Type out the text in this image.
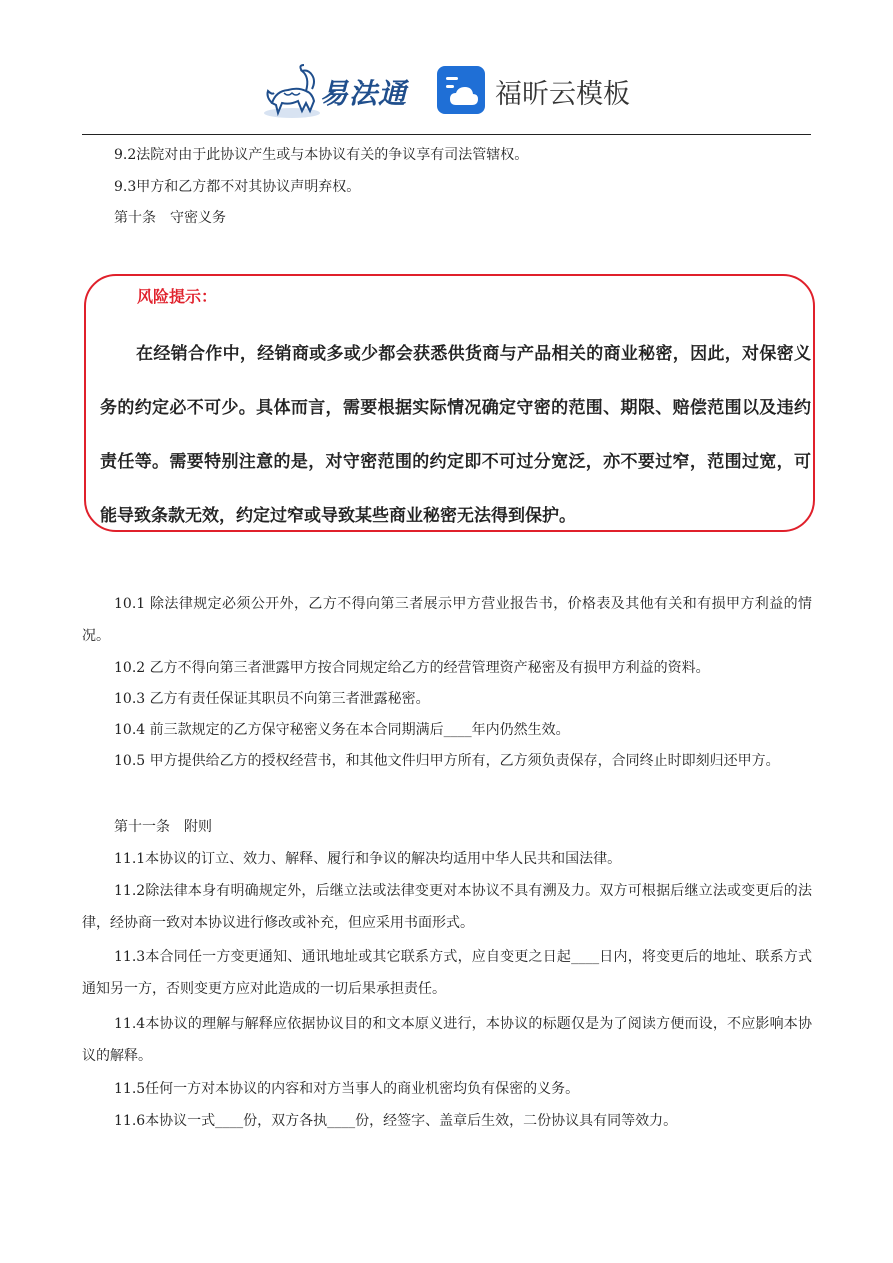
易法通	福昕云模板

9.2法院对由于此协议产生或与本协议有关的争议享有司法管辖权。

9.3甲方和乙方都不对其协议声明弃权。

第十条　守密义务

风险提示：

在经销合作中，经销商或多或少都会获悉供货商与产品相关的商业秘密，因此，对保密义务的约定必不可少。具体而言，需要根据实际情况确定守密的范围、期限、赔偿范围以及违约责任等。需要特别注意的是，对守密范围的约定即不可过分宽泛，亦不要过窄，范围过宽，可能导致条款无效，约定过窄或导致某些商业秘密无法得到保护。

10.1 除法律规定必须公开外，乙方不得向第三者展示甲方营业报告书，价格表及其他有关和有损甲方利益的情况。

10.2 乙方不得向第三者泄露甲方按合同规定给乙方的经营管理资产秘密及有损甲方利益的资料。

10.3 乙方有责任保证其职员不向第三者泄露秘密。

10.4 前三款规定的乙方保守秘密义务在本合同期满后____年内仍然生效。

10.5 甲方提供给乙方的授权经营书，和其他文件归甲方所有，乙方须负责保存，合同终止时即刻归还甲方。

第十一条　附则

11.1本协议的订立、效力、解释、履行和争议的解决均适用中华人民共和国法律。

11.2除法律本身有明确规定外，后继立法或法律变更对本协议不具有溯及力。双方可根据后继立法或变更后的法律，经协商一致对本协议进行修改或补充，但应采用书面形式。

11.3本合同任一方变更通知、通讯地址或其它联系方式，应自变更之日起____日内，将变更后的地址、联系方式通知另一方，否则变更方应对此造成的一切后果承担责任。

11.4本协议的理解与解释应依据协议目的和文本原义进行，本协议的标题仅是为了阅读方便而设，不应影响本协议的解释。

11.5任何一方对本协议的内容和对方当事人的商业机密均负有保密的义务。

11.6本协议一式____份，双方各执____份，经签字、盖章后生效，二份协议具有同等效力。
